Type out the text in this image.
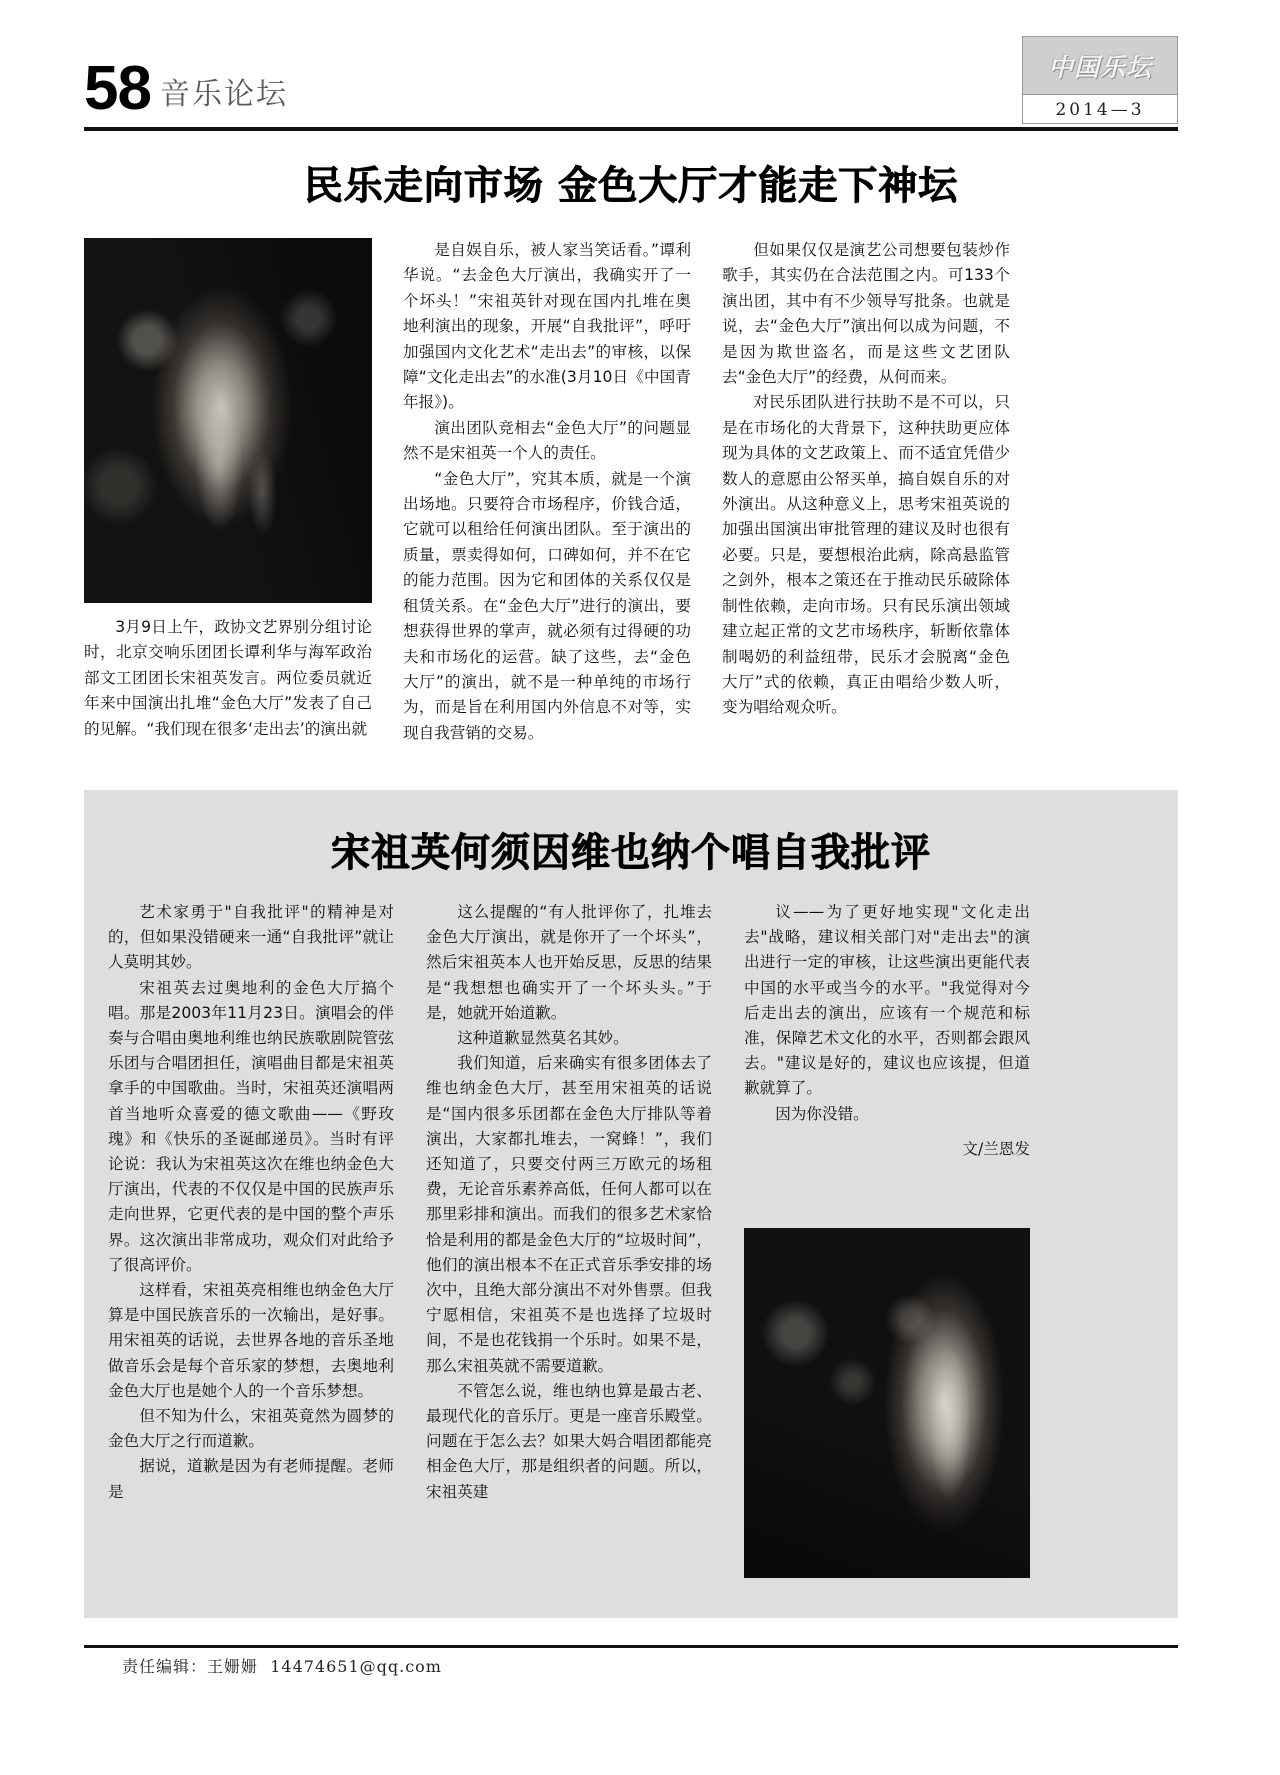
58 音乐论坛
中国乐坛
2014—3
民乐走向市场 金色大厅才能走下神坛

3月9日上午，政协文艺界别分组讨论时，北京交响乐团团长谭利华与海军政治部文工团团长宋祖英发言。两位委员就近年来中国演出扎堆“金色大厅”发表了自己的见解。“我们现在很多‘走出去’的演出就

是自娱自乐，被人家当笑话看。”谭利华说。“去金色大厅演出，我确实开了一个坏头！”宋祖英针对现在国内扎堆在奥地利演出的现象，开展“自我批评”，呼吁加强国内文化艺术“走出去”的审核，以保障“文化走出去”的水准(3月10日《中国青年报》)。

演出团队竞相去“金色大厅”的问题显然不是宋祖英一个人的责任。

“金色大厅”，究其本质，就是一个演出场地。只要符合市场程序，价钱合适，它就可以租给任何演出团队。至于演出的质量，票卖得如何，口碑如何，并不在它的能力范围。因为它和团体的关系仅仅是租赁关系。在“金色大厅”进行的演出，要想获得世界的掌声，就必须有过得硬的功夫和市场化的运营。缺了这些，去“金色大厅”的演出，就不是一种单纯的市场行为，而是旨在利用国内外信息不对等，实现自我营销的交易。

但如果仅仅是演艺公司想要包装炒作歌手，其实仍在合法范围之内。可133个演出团，其中有不少领导写批条。也就是说，去“金色大厅”演出何以成为问题，不是因为欺世盗名，而是这些文艺团队去“金色大厅”的经费，从何而来。

对民乐团队进行扶助不是不可以，只是在市场化的大背景下，这种扶助更应体现为具体的文艺政策上、而不适宜凭借少数人的意愿由公帑买单，搞自娱自乐的对外演出。从这种意义上，思考宋祖英说的加强出国演出审批管理的建议及时也很有必要。只是，要想根治此病，除高悬监管之剑外，根本之策还在于推动民乐破除体制性依赖，走向市场。只有民乐演出领域建立起正常的文艺市场秩序，斩断依靠体制喝奶的利益纽带，民乐才会脱离“金色大厅”式的依赖，真正由唱给少数人听，变为唱给观众听。

宋祖英何须因维也纳个唱自我批评

艺术家勇于"自我批评"的精神是对的，但如果没错硬来一通“自我批评”就让人莫明其妙。

宋祖英去过奥地利的金色大厅搞个唱。那是2003年11月23日。演唱会的伴奏与合唱由奥地利维也纳民族歌剧院管弦乐团与合唱团担任，演唱曲目都是宋祖英拿手的中国歌曲。当时，宋祖英还演唱两首当地听众喜爱的德文歌曲——《野玫瑰》和《快乐的圣诞邮递员》。当时有评论说：我认为宋祖英这次在维也纳金色大厅演出，代表的不仅仅是中国的民族声乐走向世界，它更代表的是中国的整个声乐界。这次演出非常成功，观众们对此给予了很高评价。

这样看，宋祖英亮相维也纳金色大厅算是中国民族音乐的一次输出，是好事。用宋祖英的话说，去世界各地的音乐圣地做音乐会是每个音乐家的梦想，去奥地利金色大厅也是她个人的一个音乐梦想。

但不知为什么，宋祖英竟然为圆梦的金色大厅之行而道歉。

据说，道歉是因为有老师提醒。老师是

这么提醒的“有人批评你了，扎堆去金色大厅演出，就是你开了一个坏头”，然后宋祖英本人也开始反思，反思的结果是“我想想也确实开了一个坏头头。”于是，她就开始道歉。

这种道歉显然莫名其妙。

我们知道，后来确实有很多团体去了维也纳金色大厅，甚至用宋祖英的话说是“国内很多乐团都在金色大厅排队等着演出，大家都扎堆去，一窝蜂！”，我们还知道了，只要交付两三万欧元的场租费，无论音乐素养高低，任何人都可以在那里彩排和演出。而我们的很多艺术家恰恰是利用的都是金色大厅的“垃圾时间”，他们的演出根本不在正式音乐季安排的场次中，且绝大部分演出不对外售票。但我宁愿相信，宋祖英不是也选择了垃圾时间，不是也花钱捐一个乐时。如果不是，那么宋祖英就不需要道歉。

不管怎么说，维也纳也算是最古老、最现代化的音乐厅。更是一座音乐殿堂。问题在于怎么去？如果大妈合唱团都能亮相金色大厅，那是组织者的问题。所以，宋祖英建

议——为了更好地实现"文化走出去"战略，建议相关部门对"走出去"的演出进行一定的审核，让这些演出更能代表中国的水平或当今的水平。"我觉得对今后走出去的演出，应该有一个规范和标准，保障艺术文化的水平，否则都会跟风去。"建议是好的，建议也应该提，但道歉就算了。

因为你没错。

文/兰恩发
责任编辑：王姗姗 14474651@qq.com
